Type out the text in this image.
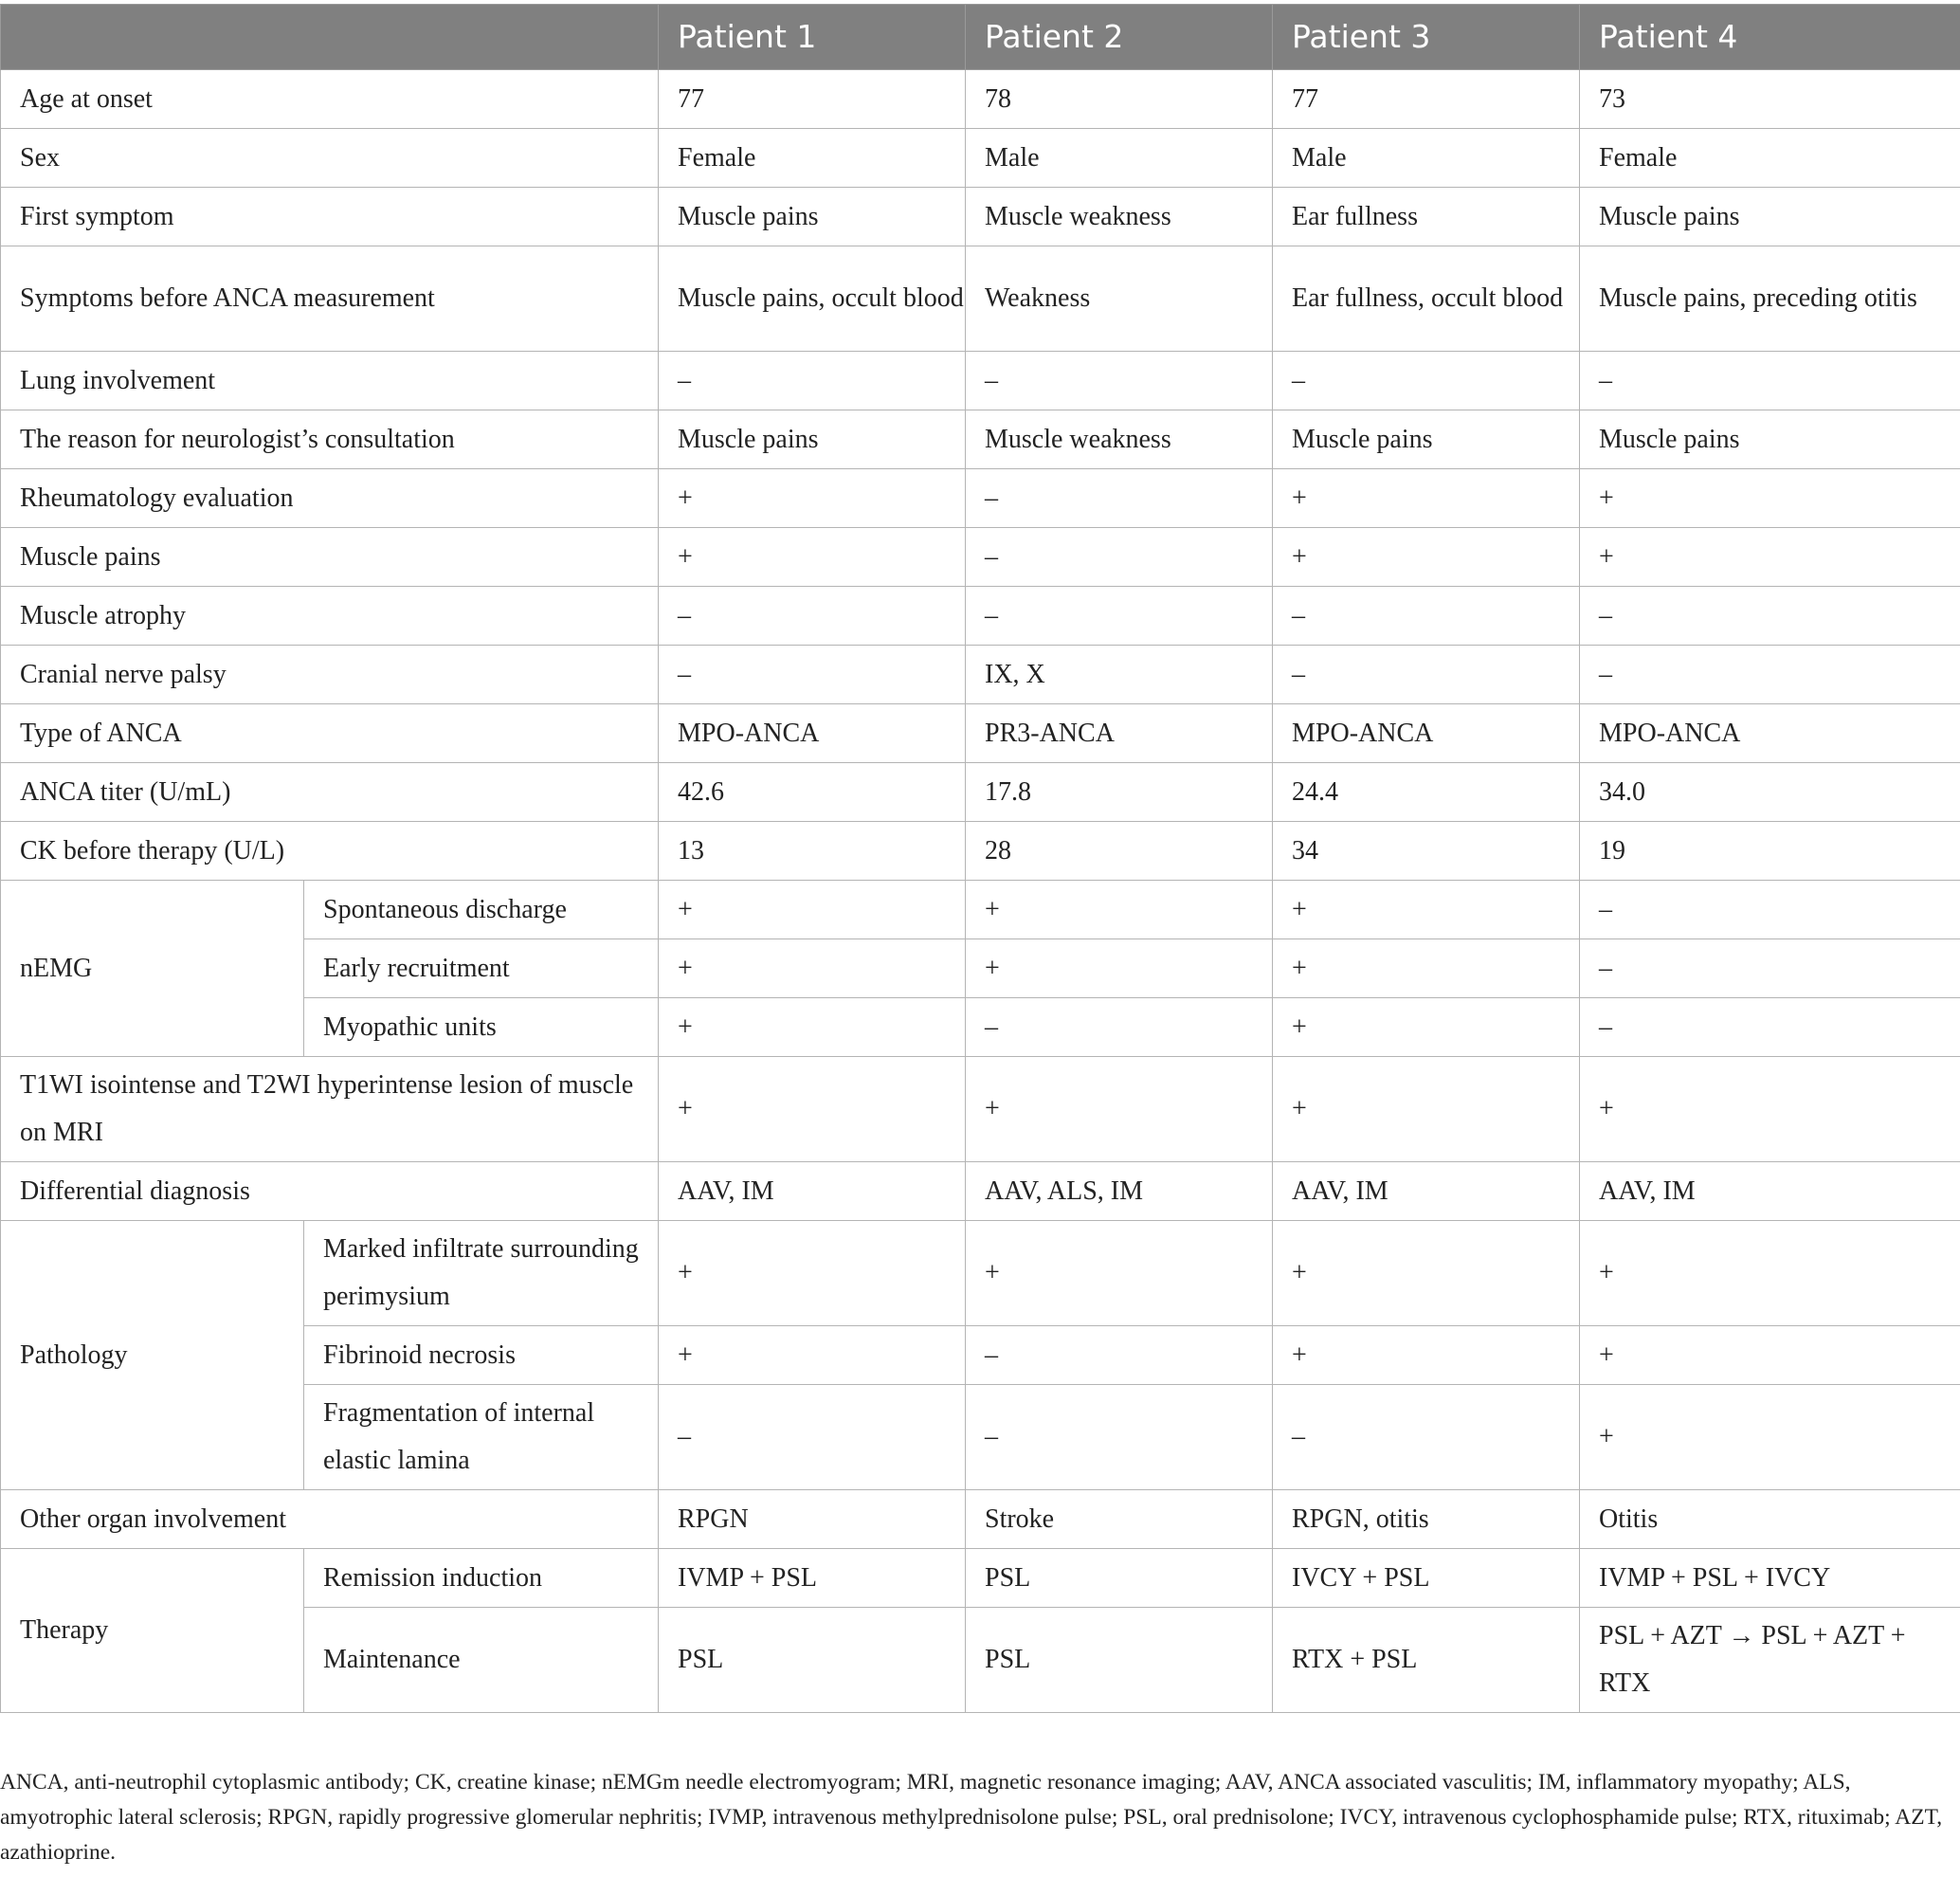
		Patient 1	Patient 2	Patient 3	Patient 4
Age at onset		77	78	77	73
Sex		Female	Male	Male	Female
First symptom		Muscle pains	Muscle weakness	Ear fullness	Muscle pains
Symptoms before ANCA measurement		Muscle pains, occult blood	Weakness	Ear fullness, occult blood	Muscle pains, preceding otitis
Lung involvement		–	–	–	–
The reason for neurologist’s consultation		Muscle pains	Muscle weakness	Muscle pains	Muscle pains
Rheumatology evaluation		+	–	+	+
Muscle pains		+	–	+	+
Muscle atrophy		–	–	–	–
Cranial nerve palsy		–	IX, X	–	–
Type of ANCA		MPO-ANCA	PR3-ANCA	MPO-ANCA	MPO-ANCA
ANCA titer (U/mL)		42.6	17.8	24.4	34.0
CK before therapy (U/L)		13	28	34	19
nEMG	Spontaneous discharge	+	+	+	–
	Early recruitment	+	+	+	–
	Myopathic units	+	–	+	–
T1WI isointense and T2WI hyperintense lesion of muscle on MRI		+	+	+	+
Differential diagnosis		AAV, IM	AAV, ALS, IM	AAV, IM	AAV, IM
Pathology	Marked infiltrate surrounding perimysium	+	+	+	+
	Fibrinoid necrosis	+	–	+	+
	Fragmentation of internal elastic lamina	–	–	–	+
Other organ involvement		RPGN	Stroke	RPGN, otitis	Otitis
Therapy	Remission induction	IVMP + PSL	PSL	IVCY + PSL	IVMP + PSL + IVCY
	Maintenance	PSL	PSL	RTX + PSL	PSL + AZT → PSL + AZT + RTX
ANCA, anti-neutrophil cytoplasmic antibody; CK, creatine kinase; nEMGm needle electromyogram; MRI, magnetic resonance imaging; AAV, ANCA associated vasculitis; IM, inflammatory myopathy; ALS, amyotrophic lateral sclerosis; RPGN, rapidly progressive glomerular nephritis; IVMP, intravenous methylprednisolone pulse; PSL, oral prednisolone; IVCY, intravenous cyclophosphamide pulse; RTX, rituximab; AZT, azathioprine.
